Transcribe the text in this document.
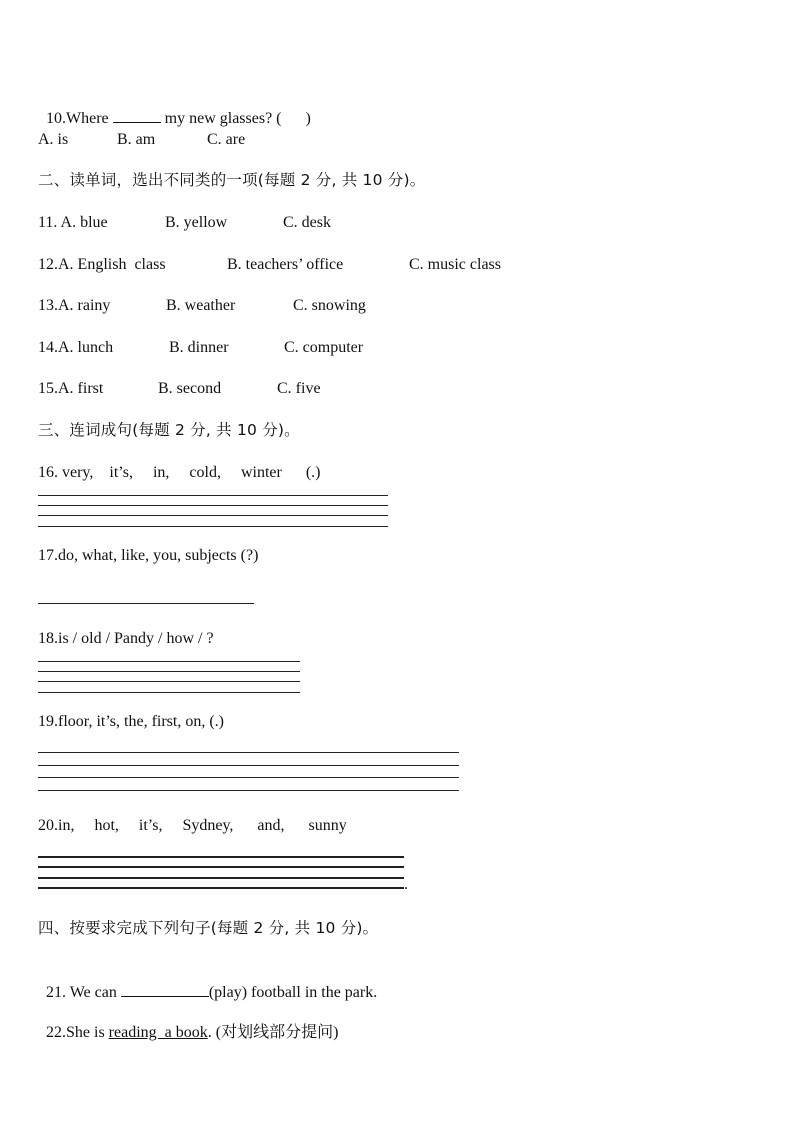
10.Where	my new glasses? (      )

A. is

	B. am

	C. are

二、读单词，选出不同类的一项(每题 2 分, 共 10 分)。

11. A. blue

	B. yellow

	C. desk

12.A. English  class

	B. teachers’ office

	C. music class

13.A. rainy

	B. weather

	C. snowing

14.A. lunch

	B. dinner

	C. computer

15.A. first

	B. second

	C. five

三、连词成句(每题 2 分, 共 10 分)。
16. very,    it’s,     in,     cold,     winter      (.)
17.do, what, like, you, subjects (?)
18.is / old / Pandy / how / ?
19.floor, it’s, the, first, on, (.)
20.in,     hot,     it’s,     Sydney,      and,      sunny
.
四、按要求完成下列句子(每题 2 分, 共 10 分)。

21. We can	(play) football in the park.

22.She is reading  a book. (对划线部分提问)
